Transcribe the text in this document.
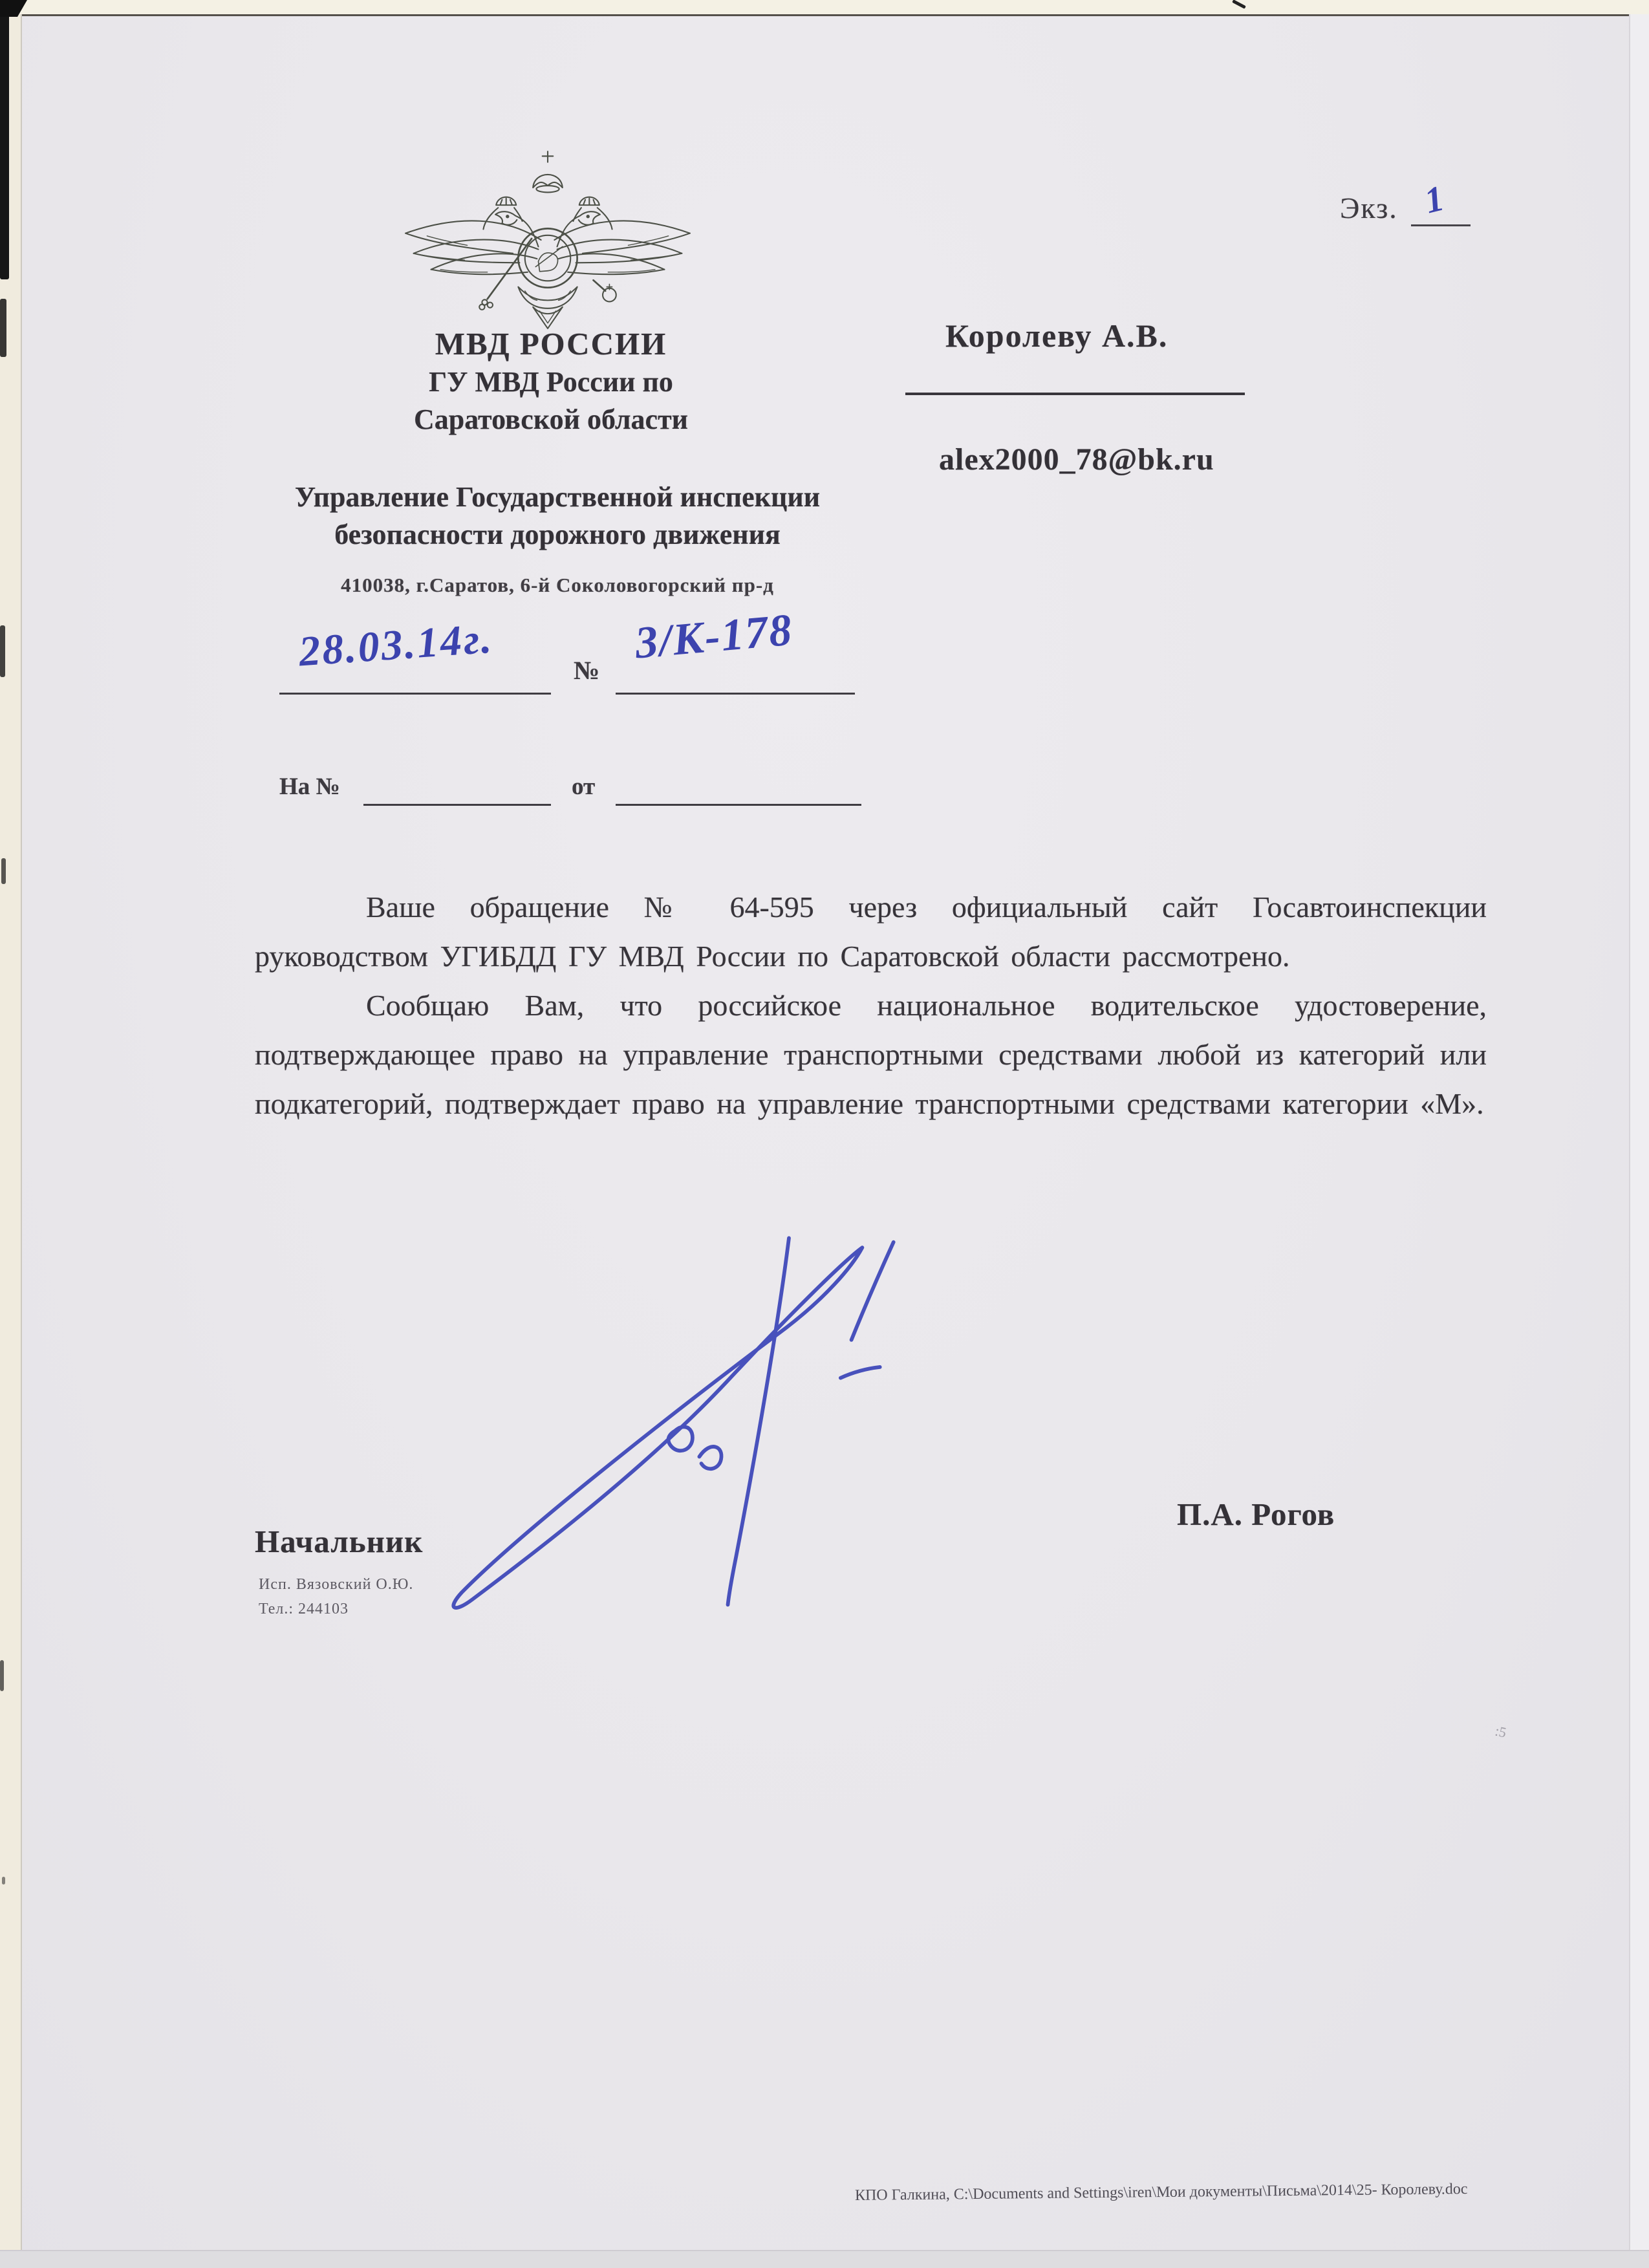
Экз. 1
МВД РОССИИ
ГУ МВД России по
Саратовской области
Управление Государственной инспекции
безопасности дорожного движения
410038, г.Саратов, 6-й Соколовогорский пр-д
28.03.14г.	№
3/К-178
На №	от
Королеву А.В.
alex2000_78@bk.ru

Ваше обращение № 64-595 через официальный сайт Госавтоинспекции руководством УГИБДД ГУ МВД России по Саратовской области рассмотрено.

Сообщаю Вам, что российское национальное водительское удостоверение, подтверждающее право на управление транспортными средствами любой из категорий или подкатегорий, подтверждает право на управление транспортными средствами категории «М».

Начальник
П.А. Рогов
Исп. Вязовский О.Ю.
Тел.: 244103
:5
КПО Галкина, C:\Documents and Settings\iren\Мои документы\Письма\2014\25- Королеву.doc
